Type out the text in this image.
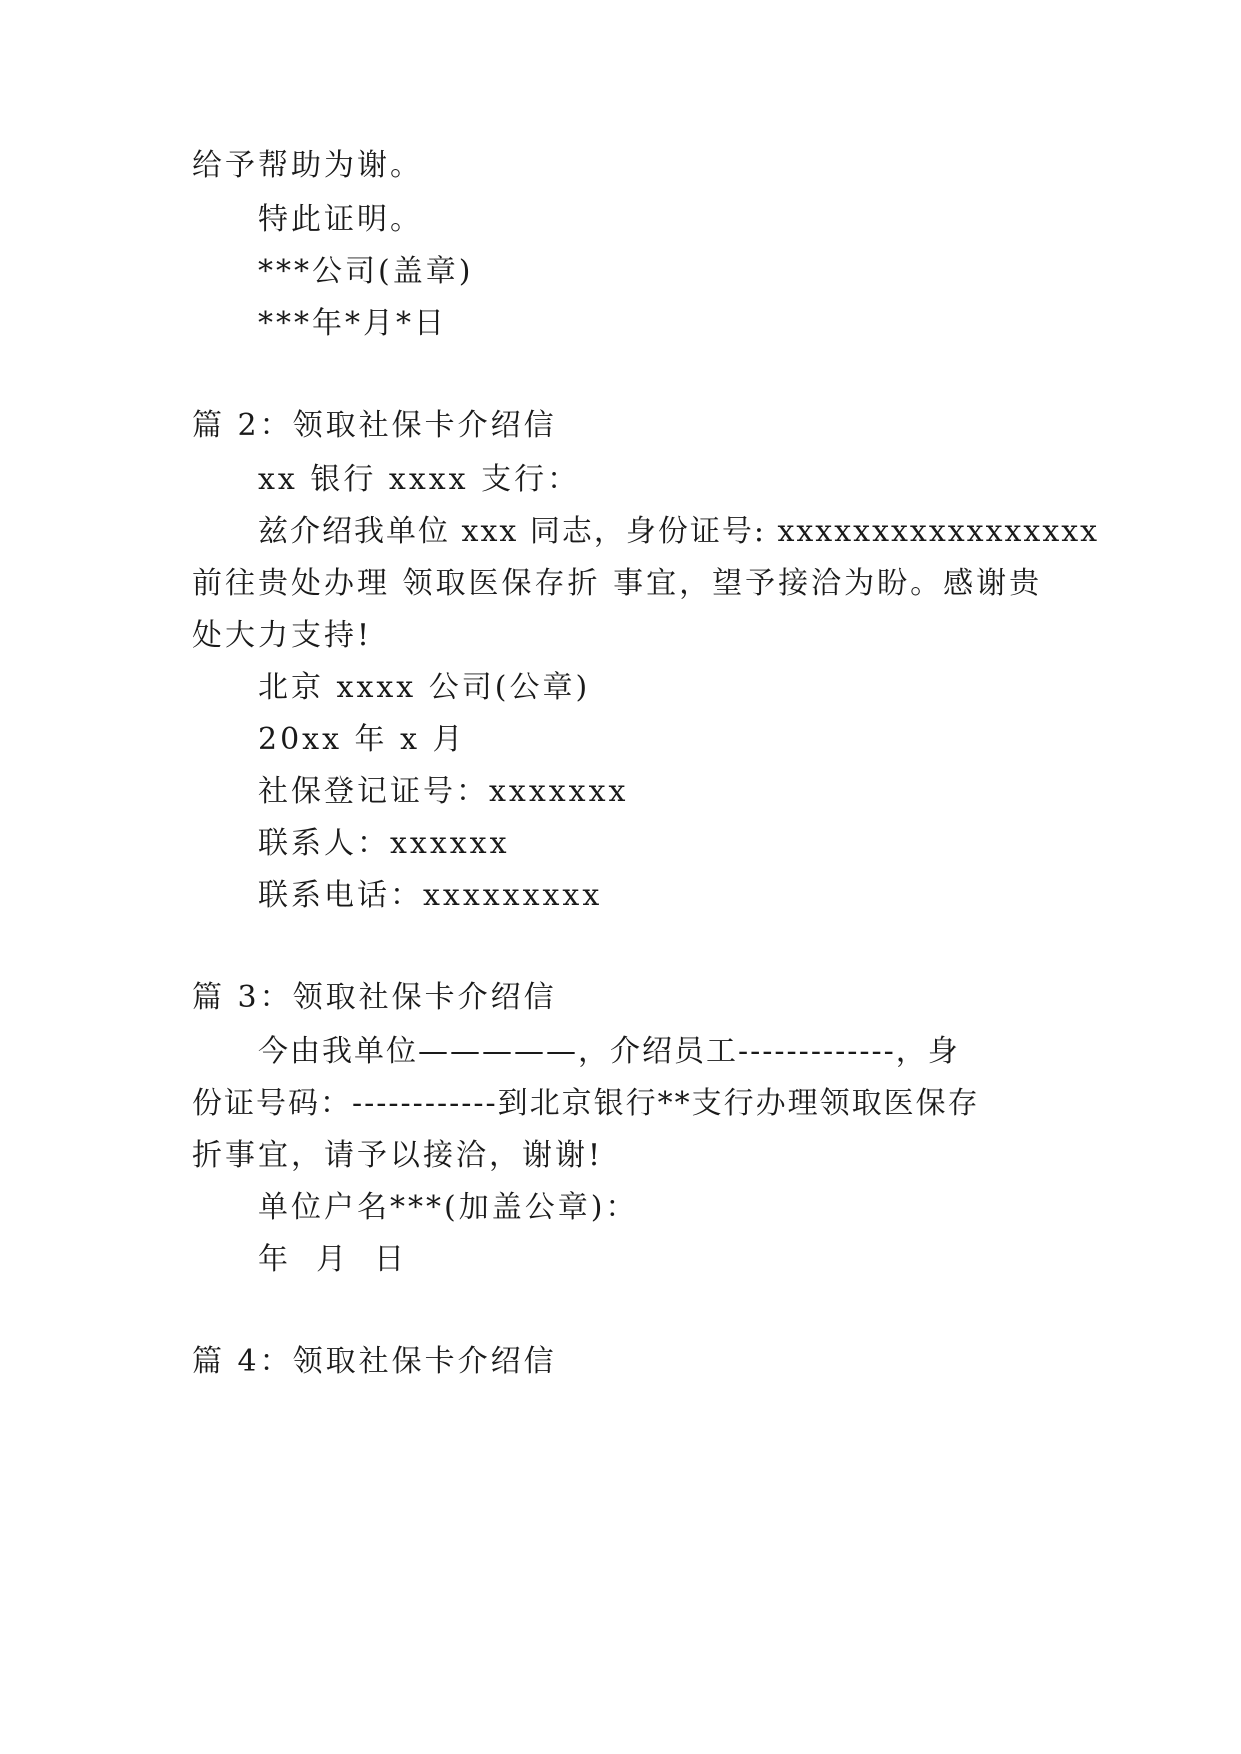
给予帮助为谢。
特此证明。
***公司(盖章)
***年*月*日
篇 2：领取社保卡介绍信
xx 银行 xxxx 支行：
兹介绍我单位 xxx 同志，身份证号: xxxxxxxxxxxxxxxxx
前往贵处办理 领取医保存折 事宜，望予接洽为盼。感谢贵
处大力支持!
北京 xxxx 公司(公章)
20xx 年 x 月
社保登记证号：xxxxxxx
联系人：xxxxxx
联系电话：xxxxxxxxx
篇 3：领取社保卡介绍信
今由我单位—————，介绍员工-------------，身
份证号码：------------到北京银行**支行办理领取医保存
折事宜，请予以接洽，谢谢!
单位户名***(加盖公章)：
年  月  日
篇 4：领取社保卡介绍信
